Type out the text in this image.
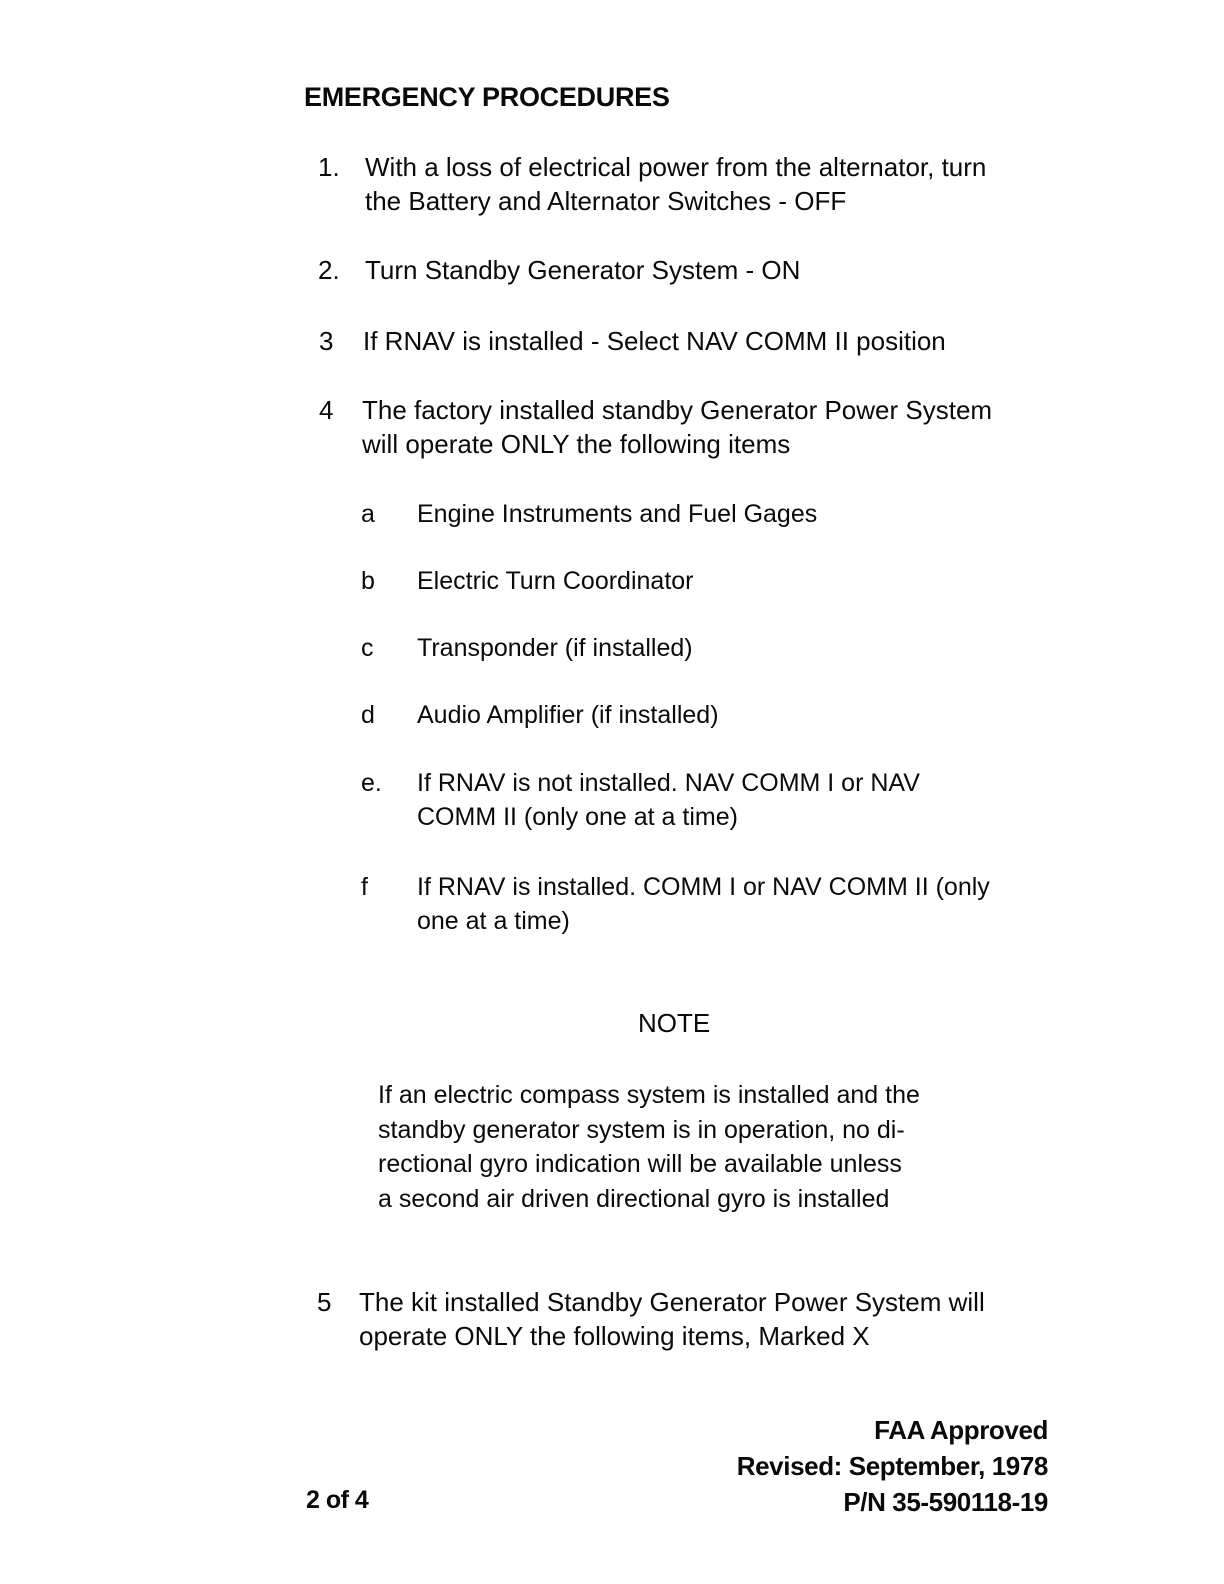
EMERGENCY PROCEDURES
1. With a loss of electrical power from the alternator, turn
the Battery and Alternator Switches - OFF
2. Turn Standby Generator System - ON
3 If RNAV is installed - Select NAV COMM II position
4 The factory installed standby Generator Power System
will operate ONLY the following items
a Engine Instruments and Fuel Gages
b Electric Turn Coordinator
c Transponder (if installed)
d Audio Amplifier (if installed)
e. If RNAV is not installed. NAV COMM I or NAV
COMM II (only one at a time)
f If RNAV is installed. COMM I or NAV COMM II (only
one at a time)
NOTE
If an electric compass system is installed and the
standby generator system is in operation, no di-
rectional gyro indication will be available unless
a second air driven directional gyro is installed
5 The kit installed Standby Generator Power System will
operate ONLY the following items, Marked X
2 of 4
FAA Approved
Revised: September, 1978
P/N 35-590118-19
